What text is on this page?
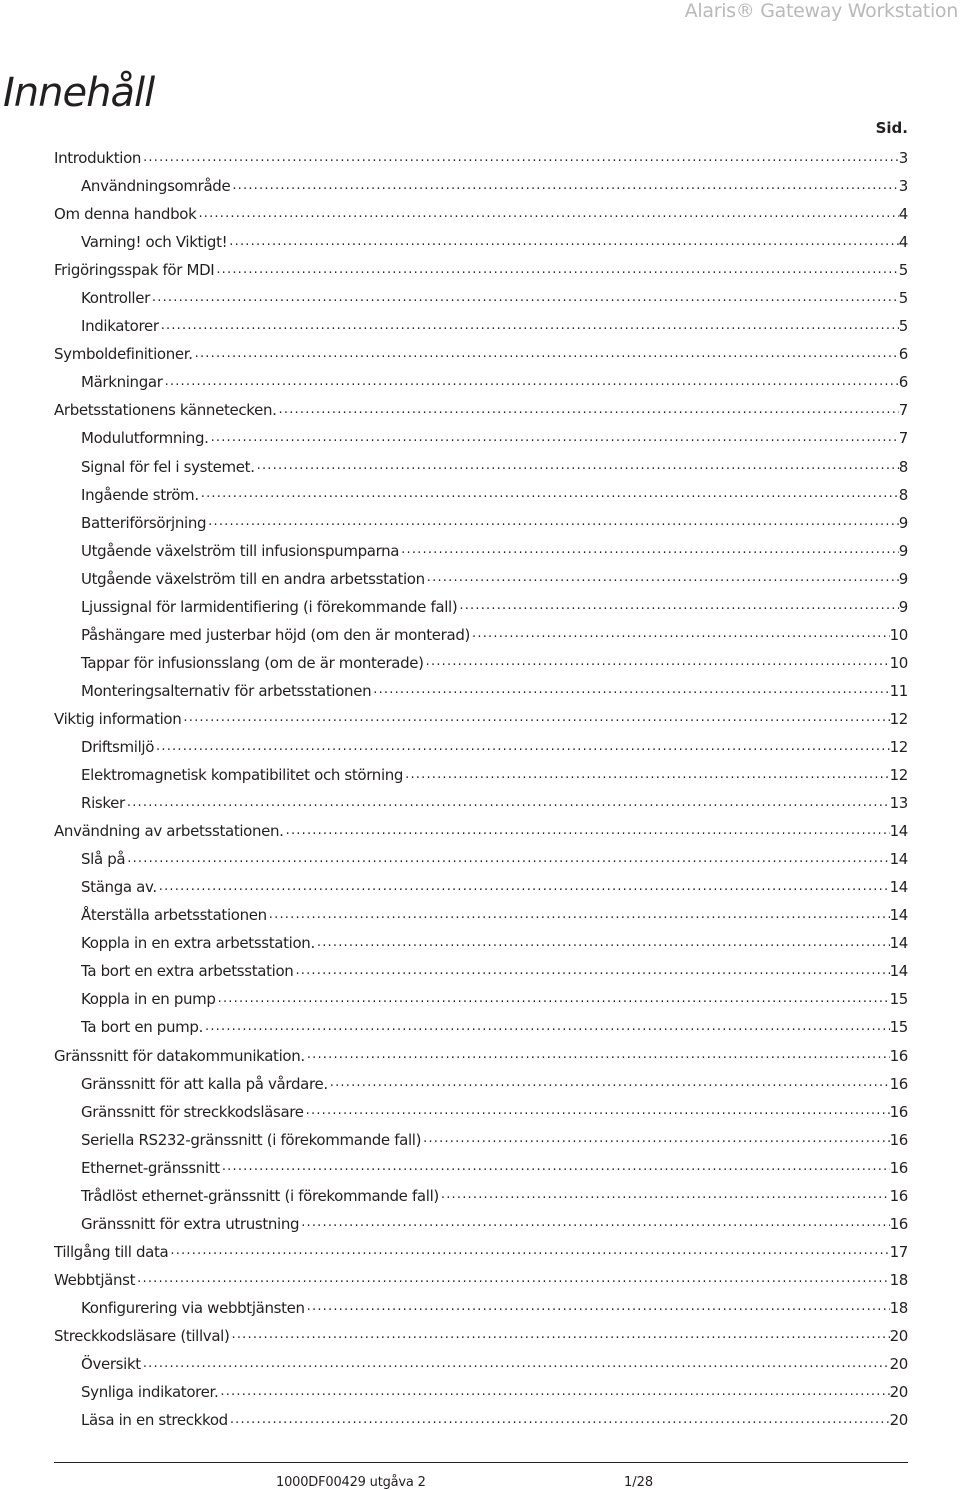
Alaris® Gateway Workstation
Innehåll
Sid.
Introduktion .....	3
Användningsområde .....	3
Om denna handbok .....	4
Varning! och Viktigt! .....	4
Frigöringsspak för MDI .....	5
Kontroller .....	5
Indikatorer .....	5
Symboldefinitioner. .....	6
Märkningar .....	6
Arbetsstationens kännetecken. .....	7
Modulutformning. .....	7
Signal för fel i systemet. .....	8
Ingående ström. .....	8
Batteriförsörjning .....	9
Utgående växelström till infusionspumparna .....	9
Utgående växelström till en andra arbetsstation .....	9
Ljussignal för larmidentifiering (i förekommande fall) .....	9
Påshängare med justerbar höjd (om den är monterad) .....	10
Tappar för infusionsslang (om de är monterade) .....	10
Monteringsalternativ för arbetsstationen .....	11
Viktig information .....	12
Driftsmiljö .....	12
Elektromagnetisk kompatibilitet och störning .....	12
Risker .....	13
Användning av arbetsstationen. .....	14
Slå på .....	14
Stänga av. .....	14
Återställa arbetsstationen .....	14
Koppla in en extra arbetsstation. .....	14
Ta bort en extra arbetsstation .....	14
Koppla in en pump .....	15
Ta bort en pump. .....	15
Gränssnitt för datakommunikation. .....	16
Gränssnitt för att kalla på vårdare. .....	16
Gränssnitt för streckkodsläsare .....	16
Seriella RS232-gränssnitt (i förekommande fall) .....	16
Ethernet-gränssnitt .....	16
Trådlöst ethernet-gränssnitt (i förekommande fall) .....	16
Gränssnitt för extra utrustning .....	16
Tillgång till data .....	17
Webbtjänst .....	18
Konfigurering via webbtjänsten .....	18
Streckkodsläsare (tillval) .....	20
Översikt .....	20
Synliga indikatorer. .....	20
Läsa in en streckkod .....	20
1000DF00429 utgåva 2	1/28
